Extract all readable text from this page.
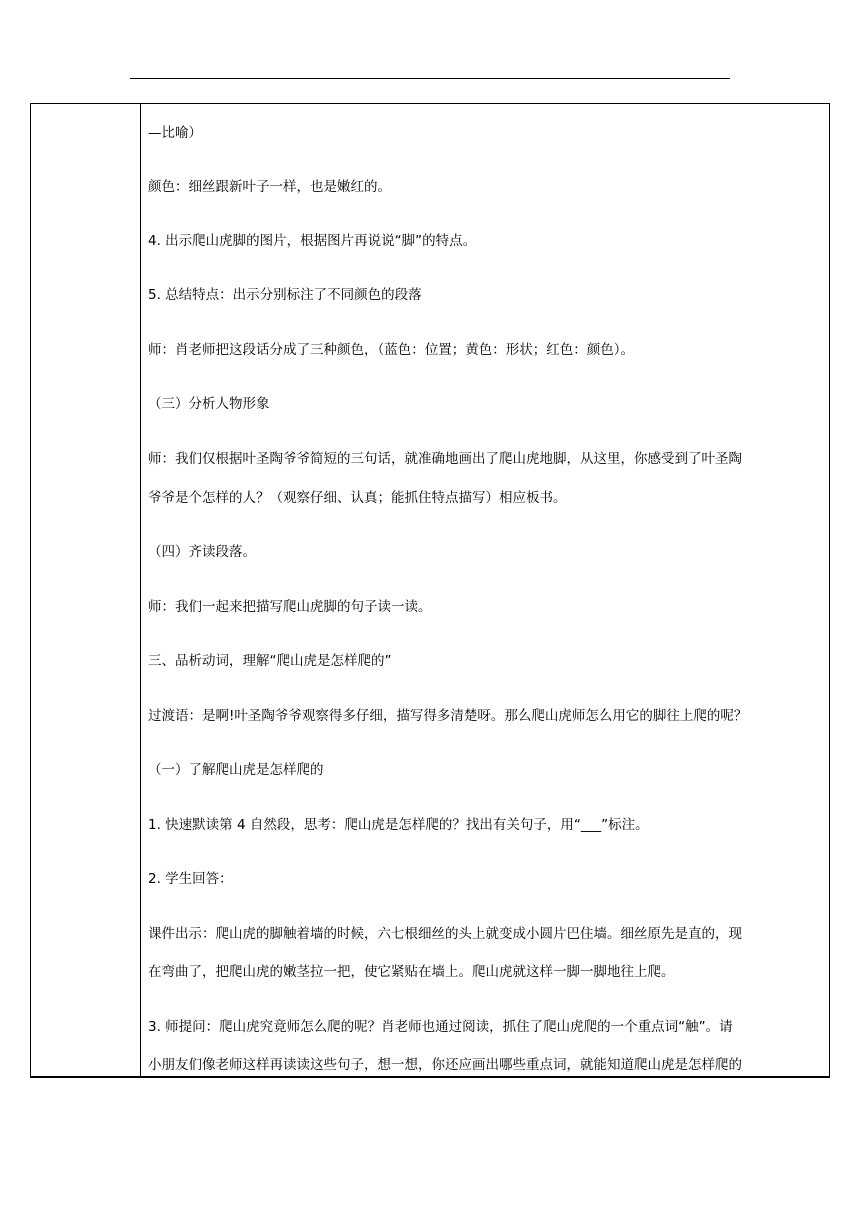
—比喻）
颜色：细丝跟新叶子一样，也是嫩红的。
4. 出示爬山虎脚的图片，根据图片再说说“脚”的特点。
5. 总结特点：出示分别标注了不同颜色的段落
师：肖老师把这段话分成了三种颜色，（蓝色：位置；黄色：形状；红色：颜色）。
（三）分析人物形象
师：我们仅根据叶圣陶爷爷简短的三句话，就准确地画出了爬山虎地脚，从这里，你感受到了叶圣陶
爷爷是个怎样的人？（观察仔细、认真；能抓住特点描写）相应板书。
（四）齐读段落。
师：我们一起来把描写爬山虎脚的句子读一读。
三、品析动词，理解“爬山虎是怎样爬的”
过渡语：是啊!叶圣陶爷爷观察得多仔细，描写得多清楚呀。那么爬山虎师怎么用它的脚往上爬的呢？
（一）了解爬山虎是怎样爬的
1. 快速默读第 4 自然段，思考：爬山虎是怎样爬的？找出有关句子，用“___”标注。
2. 学生回答：
课件出示：爬山虎的脚触着墙的时候，六七根细丝的头上就变成小圆片巴住墙。细丝原先是直的，现
在弯曲了，把爬山虎的嫩茎拉一把，使它紧贴在墙上。爬山虎就这样一脚一脚地往上爬。
3. 师提问：爬山虎究竟师怎么爬的呢？肖老师也通过阅读，抓住了爬山虎爬的一个重点词“触”。请
小朋友们像老师这样再读读这些句子，想一想，你还应画出哪些重点词，就能知道爬山虎是怎样爬的
